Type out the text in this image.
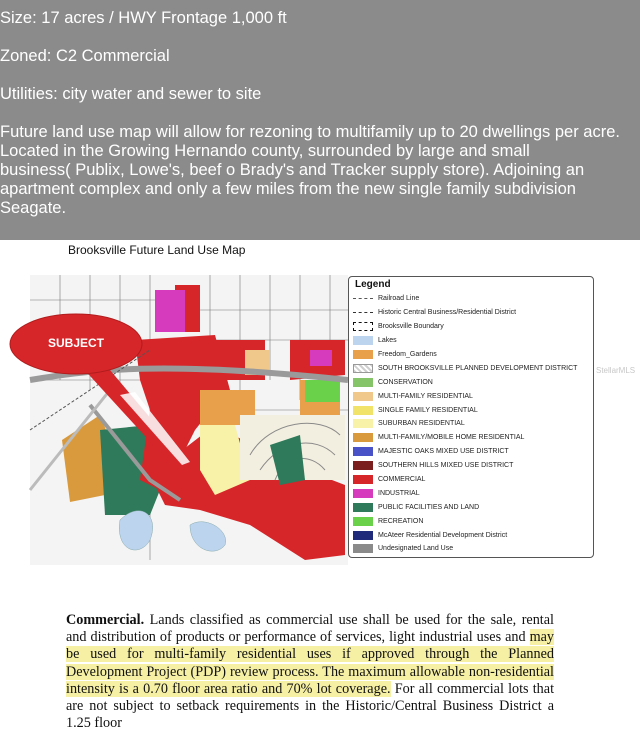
Size: 17 acres / HWY Frontage 1,000 ft

Zoned: C2 Commercial

Utilities: city water and sewer to site

Future land use map will allow for rezoning to multifamily up to 20 dwellings per acre.

Located in the Growing Hernando county, surrounded by large and small

business( Publix, Lowe's, beef o Brady's and Tracker supply store). Adjoining an

apartment complex and only a few miles from the new single family subdivision

Seagate.

Brooksville Future Land Use Map
SUBJECT
Legend
Railroad Line
Historic Central Business/Residential District
Brooksville Boundary
Lakes
Freedom_Gardens
SOUTH BROOKSVILLE PLANNED DEVELOPMENT DISTRICT
CONSERVATION
MULTI-FAMILY RESIDENTIAL
SINGLE FAMILY RESIDENTIAL
SUBURBAN RESIDENTIAL
MULTI-FAMILY/MOBILE HOME RESIDENTIAL
MAJESTIC OAKS MIXED USE DISTRICT
SOUTHERN HILLS MIXED USE DISTRICT
COMMERCIAL
INDUSTRIAL
PUBLIC FACILITIES AND LAND
RECREATION
McAteer Residential Development District
Undesignated Land Use
StellarMLS
Commercial. Lands classified as commercial use shall be used for the sale, rental and distribution of products or performance of services, light industrial uses and may be used for multi-family residential uses if approved through the Planned Development Project (PDP) review process. The maximum allowable non-residential intensity is a 0.70 floor area ratio and 70% lot coverage. For all commercial lots that are not subject to setback requirements in the Historic/Central Business District a 1.25 floor
